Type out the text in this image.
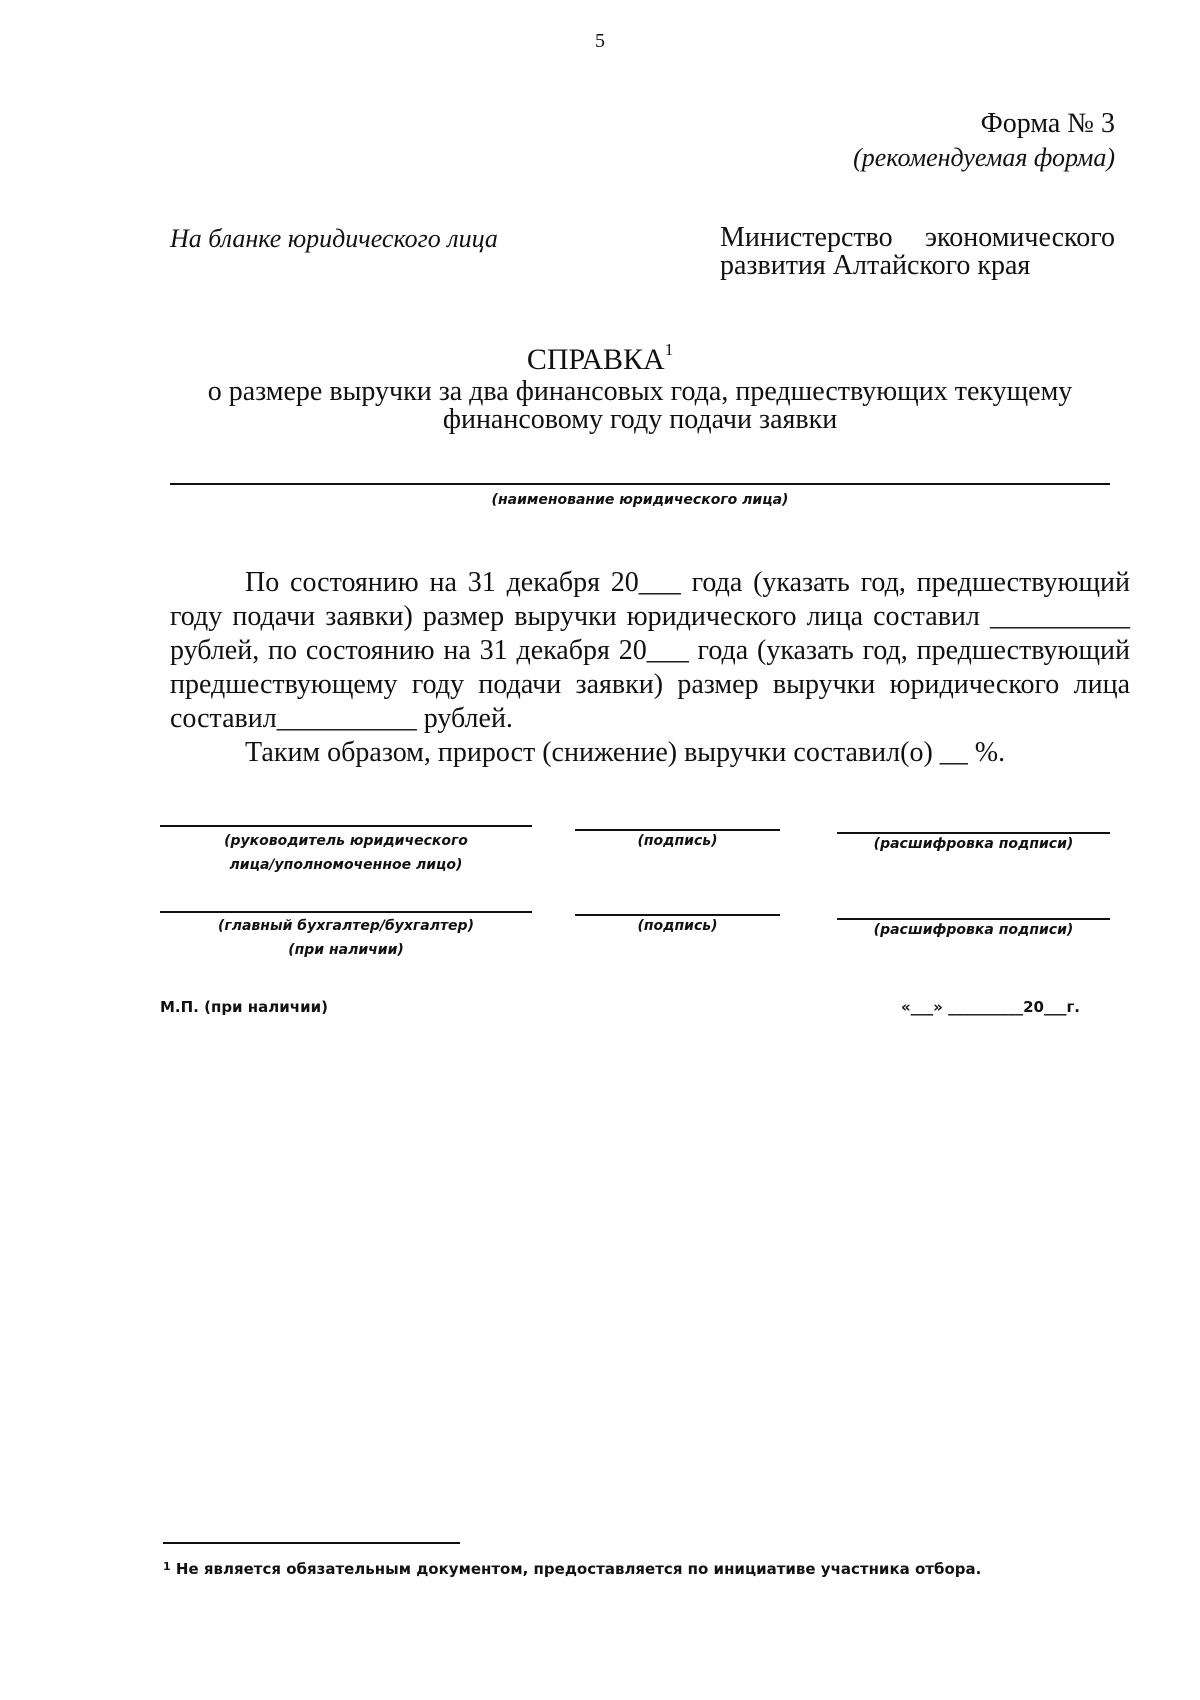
5
Форма № 3
(рекомендуемая форма)
На бланке юридического лица	Министерство экономического
развития Алтайского края
СПРАВКА$^1$
о размере выручки за два финансовых года, предшествующих текущему
финансовому году подачи заявки
(наименование юридического лица)

По состоянию на 31 декабря 20___ года (указать год, предшествующий году подачи заявки) размер выручки юридического лица составил __________ рублей, по состоянию на 31 декабря 20___ года (указать год, предшествующий предшествующему году подачи заявки) размер выручки юридического лица составил__________ рублей.

Таким образом, прирост (снижение) выручки составил(о) __ %.

(руководитель юридического
лица/уполномоченное лицо)
(подпись)	(расшифровка подписи)
(главный бухгалтер/бухгалтер)
(при наличии)
(подпись)	(расшифровка подписи)
М.П. (при наличии)	«___» __________20___г.
$^1$ Не является обязательным документом, предоставляется по инициативе участника отбора.
